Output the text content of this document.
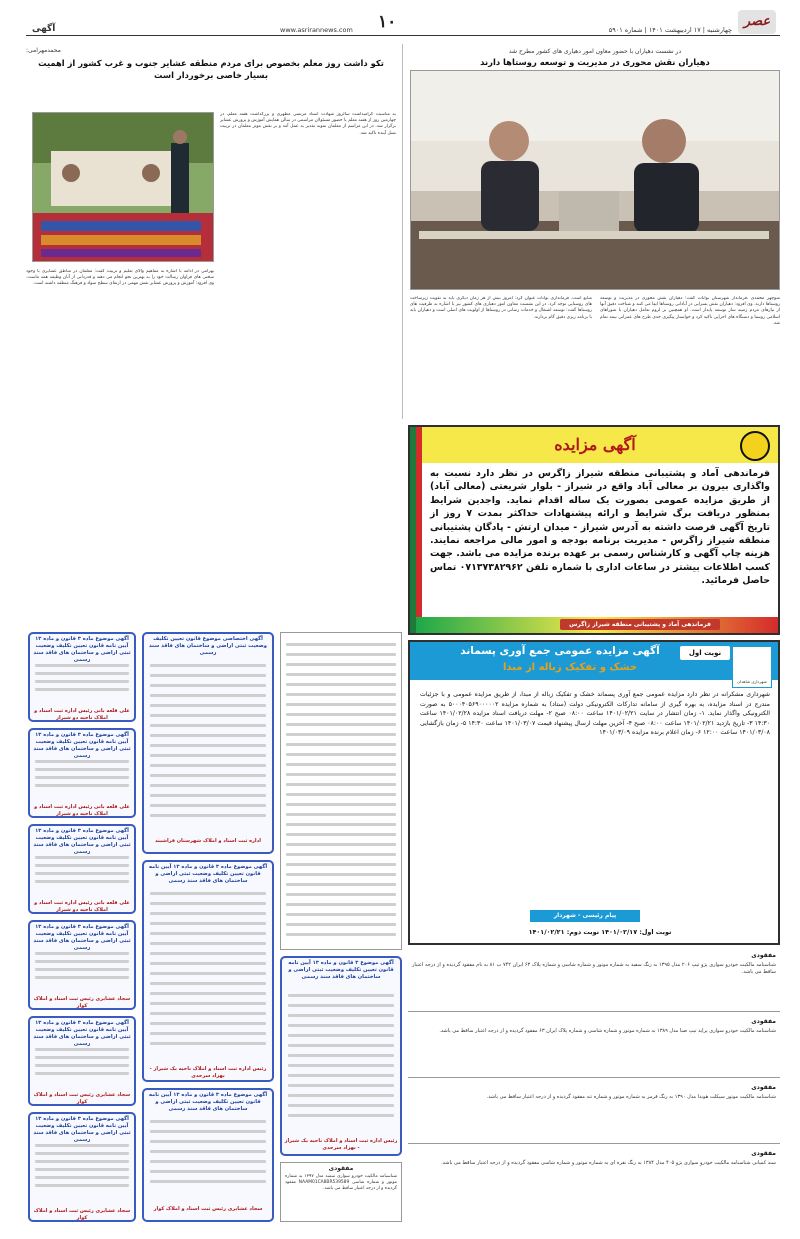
عصر
چهارشنبه | ۱۷ اردیبهشت ۱۴۰۱ | شماره ۵۹۰۱
۱۰
www.asrirannews.com
آگهی
در نشست دهیاران با حضور معاون امور دهیاری های کشور مطرح شد
دهیاران نقش محوری در مدیریت و توسعه روستاها دارند
منوچهر محمدی ،فرماندار شهرستان بوانات گفت: دهیاران نقش محوری در مدیریت و توسعه روستاها دارند. وی افزود: دهیاران نقش بسزایی در آبادانی روستاها ایفا می کنند و شناخت دقیق آنها از نیازهای مردم زمینه ساز توسعه پایدار است. او همچنین بر لزوم تعامل دهیاران با شوراهای اسلامی روستا و دستگاه های اجرایی تاکید کرد و خواستار پیگیری جدی طرح های عمرانی نیمه تمام شد.
منابع است. فرمانداری بوانات عنوان کرد: امروز بیش از هر زمان دیگری باید به تقویت زیرساخت های روستایی توجه کرد. در این نشست معاون امور دهیاری های کشور نیز با اشاره به ظرفیت های روستاها گفت: توسعه اشتغال و خدمات رسانی در روستاها از اولویت های اصلی است و دهیاران باید با برنامه ریزی دقیق گام بردارند.
محمدمهرامی:
تکو داشت روز معلم بخصوص برای مردم منطقه عشایر جنوب و غرب کشور از اهمیت بسیار خاصی برخوردار است
به مناسبت گرامیداشت سالروز شهادت استاد مرتضی مطهری و بزرگداشت هفته معلم، در چهارمین روز از هفته معلم با حضور مسئولان مراسمی در سالن همایش آموزش و پرورش عشایر برگزار شد. در این مراسم از معلمان نمونه تقدیر به عمل آمد و بر نقش موثر معلمان در تربیت نسل آینده تاکید شد.
بهرامی در ادامه با اشاره به مفاهیم والای تعلیم و تربیت گفت: معلمان در مناطق عشایری با وجود سختی های فراوان رسالت خود را به بهترین نحو انجام می دهند و قدردانی از آنان وظیفه همه ماست. وی افزود: آموزش و پرورش عشایر نقش مهمی در ارتقای سطح سواد و فرهنگ منطقه داشته است.
آگهی مزایده
فرماندهی آماد و پشتیبانی منطقه شیراز زاگرس در نظر دارد نسبت به واگذاری بیرون بر معالی آباد واقع در شیراز - بلوار شریعتی (معالی آباد) از طریق مزایده عمومی بصورت یک ساله اقدام نماید. واجدین شرایط بمنظور دریافت برگ شرایط و ارائه پیشنهادات حداکثر بمدت ۷ روز از تاریخ آگهی فرصت داشته به آدرس شیراز - میدان ارتش - پادگان پشتیبانی منطقه شیراز زاگرس - مدیریت برنامه بودجه و امور مالی مراجعه نمایند. هزینه چاپ آگهی و کارشناس رسمی بر عهده برنده مزایده می باشد. جهت کسب اطلاعات بیشتر در ساعات اداری با شماره تلفن ۰۷۱۳۷۳۸۲۹۶۲ تماس حاصل فرمائید.
فرماندهی آماد و پشتیبانی منطقه شیراز زاگرس
شهرداری شاهدان
نوبت اول
آگهی مزایده عمومی جمع آوری پسماند
خشک و تفکیک زباله از مبدا
شهرداری مشکرانه در نظر دارد مزایده عمومی جمع آوری پسماند خشک و تفکیک زباله از مبدا، از طریق مزایده عمومی و با جزئیات مندرج در اسناد مزایده، به بهره گیری از سامانه تدارکات الکترونیکی دولت (ستاد) به شماره مزایده ۵۰۰۰۴۰۵۶۹۰۰۰۰۰۲ به صورت الکترونیکی واگذار نماید. ۱- زمان انتشار در سایت ۱۴۰۱/۰۲/۲۱ ساعت ۰۸:۰۰ صبح ۲- مهلت دریافت اسناد مزایده ۱۴۰۱/۰۲/۲۸ ساعت ۱۴:۳۰ ۳- تاریخ بازدید ۱۴۰۱/۰۲/۲۱ ساعت ۰۸:۰۰ صبح ۴- آخرین مهلت ارسال پیشنهاد قیمت ۱۴۰۱/۰۳/۰۷ ساعت ۱۴:۳۰ ۵- زمان بازگشایی ۱۴۰۱/۰۳/۰۸ ساعت ۱۲:۰۰ ۶- زمان اعلام برنده مزایده ۱۴۰۱/۰۳/۰۹
پیام رئیسی - شهردار
نوبت اول: ۱۴۰۱/۰۲/۱۷ نوبت دوم: ۱۴۰۱/۰۲/۲۱
آگهی موضوع ماده ۳ قانون و ماده ۱۳ آیین نامه قانون تعیین تکلیف وضعیت ثبتی اراضی و ساختمان های فاقد سند رسمی
علی قلعه بانی رئیس اداره ثبت اسناد و املاک ناحیه دو شیراز
آگهی موضوع ماده ۳ قانون و ماده ۱۳ آیین نامه قانون تعیین تکلیف وضعیت ثبتی اراضی و ساختمان های فاقد سند رسمی
علی قلعه بانی رئیس اداره ثبت اسناد و املاک ناحیه دو شیراز
آگهی موضوع ماده ۳ قانون و ماده ۱۳ آیین نامه قانون تعیین تکلیف وضعیت ثبتی اراضی و ساختمان های فاقد سند رسمی
علی قلعه بانی رئیس اداره ثبت اسناد و املاک ناحیه دو شیراز
آگهی موضوع ماده ۳ قانون و ماده ۱۳ آیین نامه قانون تعیین تکلیف وضعیت ثبتی اراضی و ساختمان های فاقد سند رسمی
سجاد عشایری رئیس ثبت اسناد و املاک کوار
آگهی موضوع ماده ۳ قانون و ماده ۱۳ آیین نامه قانون تعیین تکلیف وضعیت ثبتی اراضی و ساختمان های فاقد سند رسمی
سجاد عشایری رئیس ثبت اسناد و املاک کوار
آگهی موضوع ماده ۳ قانون و ماده ۱۳ آیین نامه قانون تعیین تکلیف وضعیت ثبتی اراضی و ساختمان های فاقد سند رسمی
سجاد عشایری رئیس ثبت اسناد و املاک کوار
آگهی اختصاصی موضوع قانون تعیین تکلیف وضعیت ثبتی اراضی و ساختمان های فاقد سند رسمی
اداره ثبت اسناد و املاک شهرستان فراشبند
آگهی موضوع ماده ۳ قانون و ماده ۱۳ آیین نامه قانون تعیین تکلیف وضعیت ثبتی اراضی و ساختمان های فاقد سند رسمی
رئیس اداره ثبت اسناد و املاک ناحیه یک شیراز - بهزاد سرحدی
آگهی موضوع ماده ۳ قانون و ماده ۱۳ آیین نامه قانون تعیین تکلیف وضعیت ثبتی اراضی و ساختمان های فاقد سند رسمی
سجاد عشایری رئیس ثبت اسناد و املاک کوار
آگهی موضوع ۳ قانون و ماده ۱۳ آیین نامه قانون تعیین تکلیف وضعیت ثبتی اراضی و ساختمان های فاقد سند رسمی
رئیس اداره ثبت اسناد و املاک ناحیه یک شیراز - بهزاد سرحدی
مفقودی
شناسنامه مالکیت خودرو سواری سمند مدل ۱۳۹۷ به شماره موتور و شماره شاسی NAAM01CA8BR539589 مفقود گردیده و از درجه اعتبار ساقط می باشد.
مفقودی
شناسنامه مالکیت خودرو سواری پژو تیپ ۲۰۶ مدل ۱۳۹۵ به رنگ سفید به شماره موتور و شماره شاسی و شماره پلاک ۶۳ ایران ۷۴۲ ب ۸۱ به نام مفقود گردیده و از درجه اعتبار ساقط می باشد.
مفقودی
شناسنامه مالکیت خودرو سواری پراید تیپ صبا مدل ۱۳۸۹ به شماره موتور و شماره شاسی و شماره پلاک ایران ۶۳ مفقود گردیده و از درجه اعتبار ساقط می باشد.
مفقودی
شناسنامه مالکیت موتور سیکلت هوندا مدل ۱۳۹۰ به رنگ قرمز به شماره موتور و شماره تنه مفقود گردیده و از درجه اعتبار ساقط می باشد.
مفقودی
سند کمپانی شناسنامه مالکیت خودرو سواری پژو ۴۰۵ مدل ۱۳۸۴ به رنگ نقره ای به شماره موتور و شماره شاسی مفقود گردیده و از درجه اعتبار ساقط می باشد.
